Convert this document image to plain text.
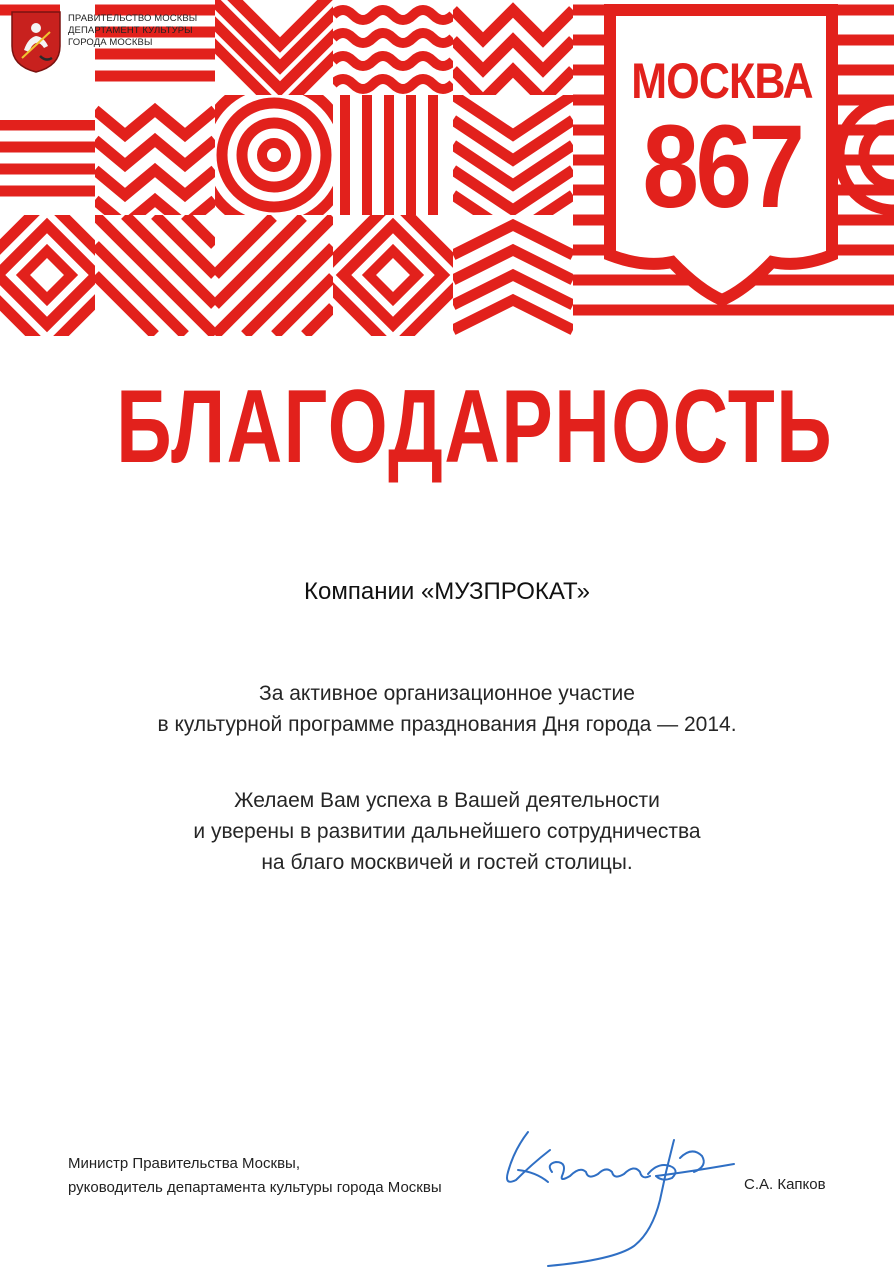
ПРАВИТЕЛЬСТВО МОСКВЫ
ДЕПАРТАМЕНТ КУЛЬТУРЫ
ГОРОДА МОСКВЫ
МОСКВА
867
БЛАГОДАРНОСТЬ
Компании «МУЗПРОКАТ»
За активное организационное участие
в культурной программе празднования Дня города — 2014.
Желаем Вам успеха в Вашей деятельности
и уверены в развитии дальнейшего сотрудничества
на благо москвичей и гостей столицы.
Министр Правительства Москвы,
руководитель департамента культуры города Москвы	С.А. Капков
